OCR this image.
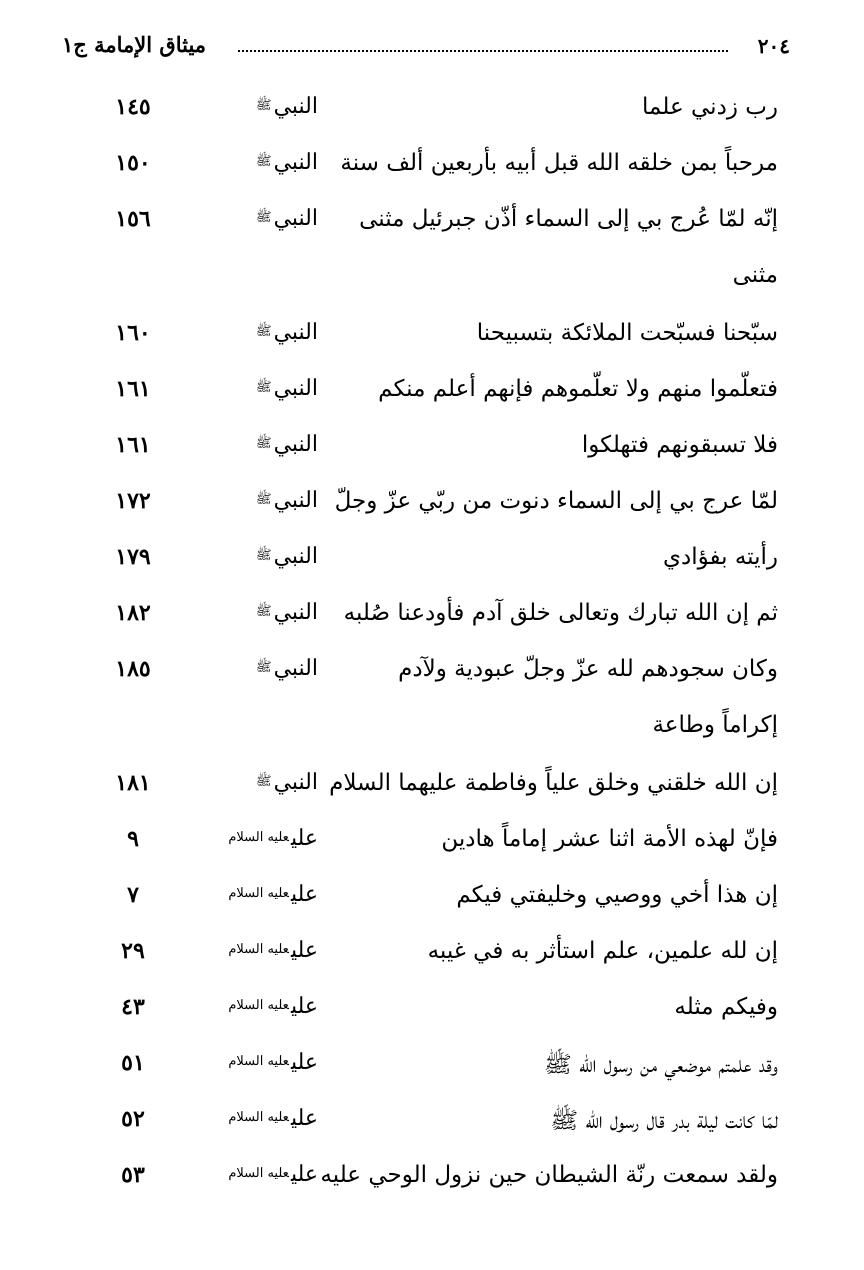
٢٠٤
ميثاق الإمامة ج١
رب زدني علما
النبيﷺ
١٤٥
مرحباً بمن خلقه الله قبل أبيه بأربعين ألف سنة
النبيﷺ
١٥٠
إنّه لمّا عُرج بي إلى السماء أذّن جبرئيل مثنى
النبيﷺ
١٥٦
مثنى
سبّحنا فسبّحت الملائكة بتسبيحنا
النبيﷺ
١٦٠
فتعلّموا منهم ولا تعلّموهم فإنهم أعلم منكم
النبيﷺ
١٦١
فلا تسبقونهم فتهلكوا
النبيﷺ
١٦١
لمّا عرج بي إلى السماء دنوت من ربّي عزّ وجلّ
النبيﷺ
١٧٢
رأيته بفؤادي
النبيﷺ
١٧٩
ثم إن الله تبارك وتعالى خلق آدم فأودعنا صُلبه
النبيﷺ
١٨٢
وكان سجودهم لله عزّ وجلّ عبودية ولآدم
النبيﷺ
١٨٥
إكراماً وطاعة
إن الله خلقني وخلق علياً وفاطمة عليهما السلام
النبيﷺ
١٨١
فإنّ لهذه الأمة اثنا عشر إماماً هادين
عليعليه السلام
٩
إن هذا أخي ووصيي وخليفتي فيكم
عليعليه السلام
٧
إن لله علمين، علم استأثر به في غيبه
عليعليه السلام
٢٩
وفيكم مثله
عليعليه السلام
٤٣
وقد علمتم موضعي من رسول الله ﷺ
عليعليه السلام
٥١
لمّا كانت ليلة بدر قال رسول الله ﷺ
عليعليه السلام
٥٢
ولقد سمعت رنّة الشيطان حين نزول الوحي عليه
عليعليه السلام
٥٣
